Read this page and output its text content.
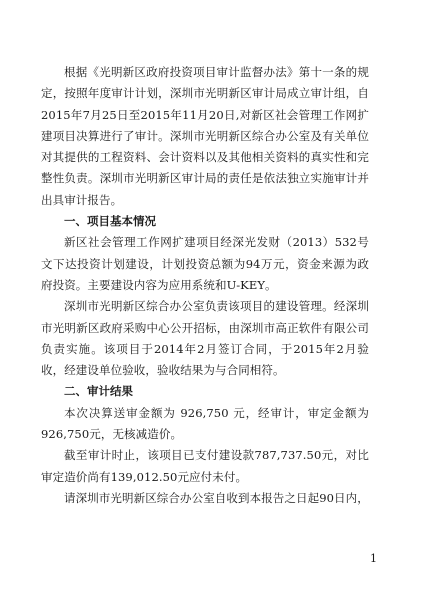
根据《光明新区政府投资项目审计监督办法》第十一条的规定，按照年度审计计划，深圳市光明新区审计局成立审计组，自2015年7月25日至2015年11月20日,对新区社会管理工作网扩建项目决算进行了审计。深圳市光明新区综合办公室及有关单位对其提供的工程资料、会计资料以及其他相关资料的真实性和完整性负责。深圳市光明新区审计局的责任是依法独立实施审计并出具审计报告。

一、项目基本情况

新区社会管理工作网扩建项目经深光发财（2013）532号文下达投资计划建设，计划投资总额为94万元，资金来源为政府投资。主要建设内容为应用系统和U-KEY。

深圳市光明新区综合办公室负责该项目的建设管理。经深圳市光明新区政府采购中心公开招标，由深圳市高正软件有限公司负责实施。该项目于2014年2月签订合同，于2015年2月验收，经建设单位验收，验收结果为与合同相符。

二、审计结果

本次决算送审金额为 926,750 元，经审计，审定金额为926,750元，无核减造价。

截至审计时止，该项目已支付建设款787,737.50元，对比审定造价尚有139,012.50元应付未付。

请深圳市光明新区综合办公室自收到本报告之日起90日内，

1
